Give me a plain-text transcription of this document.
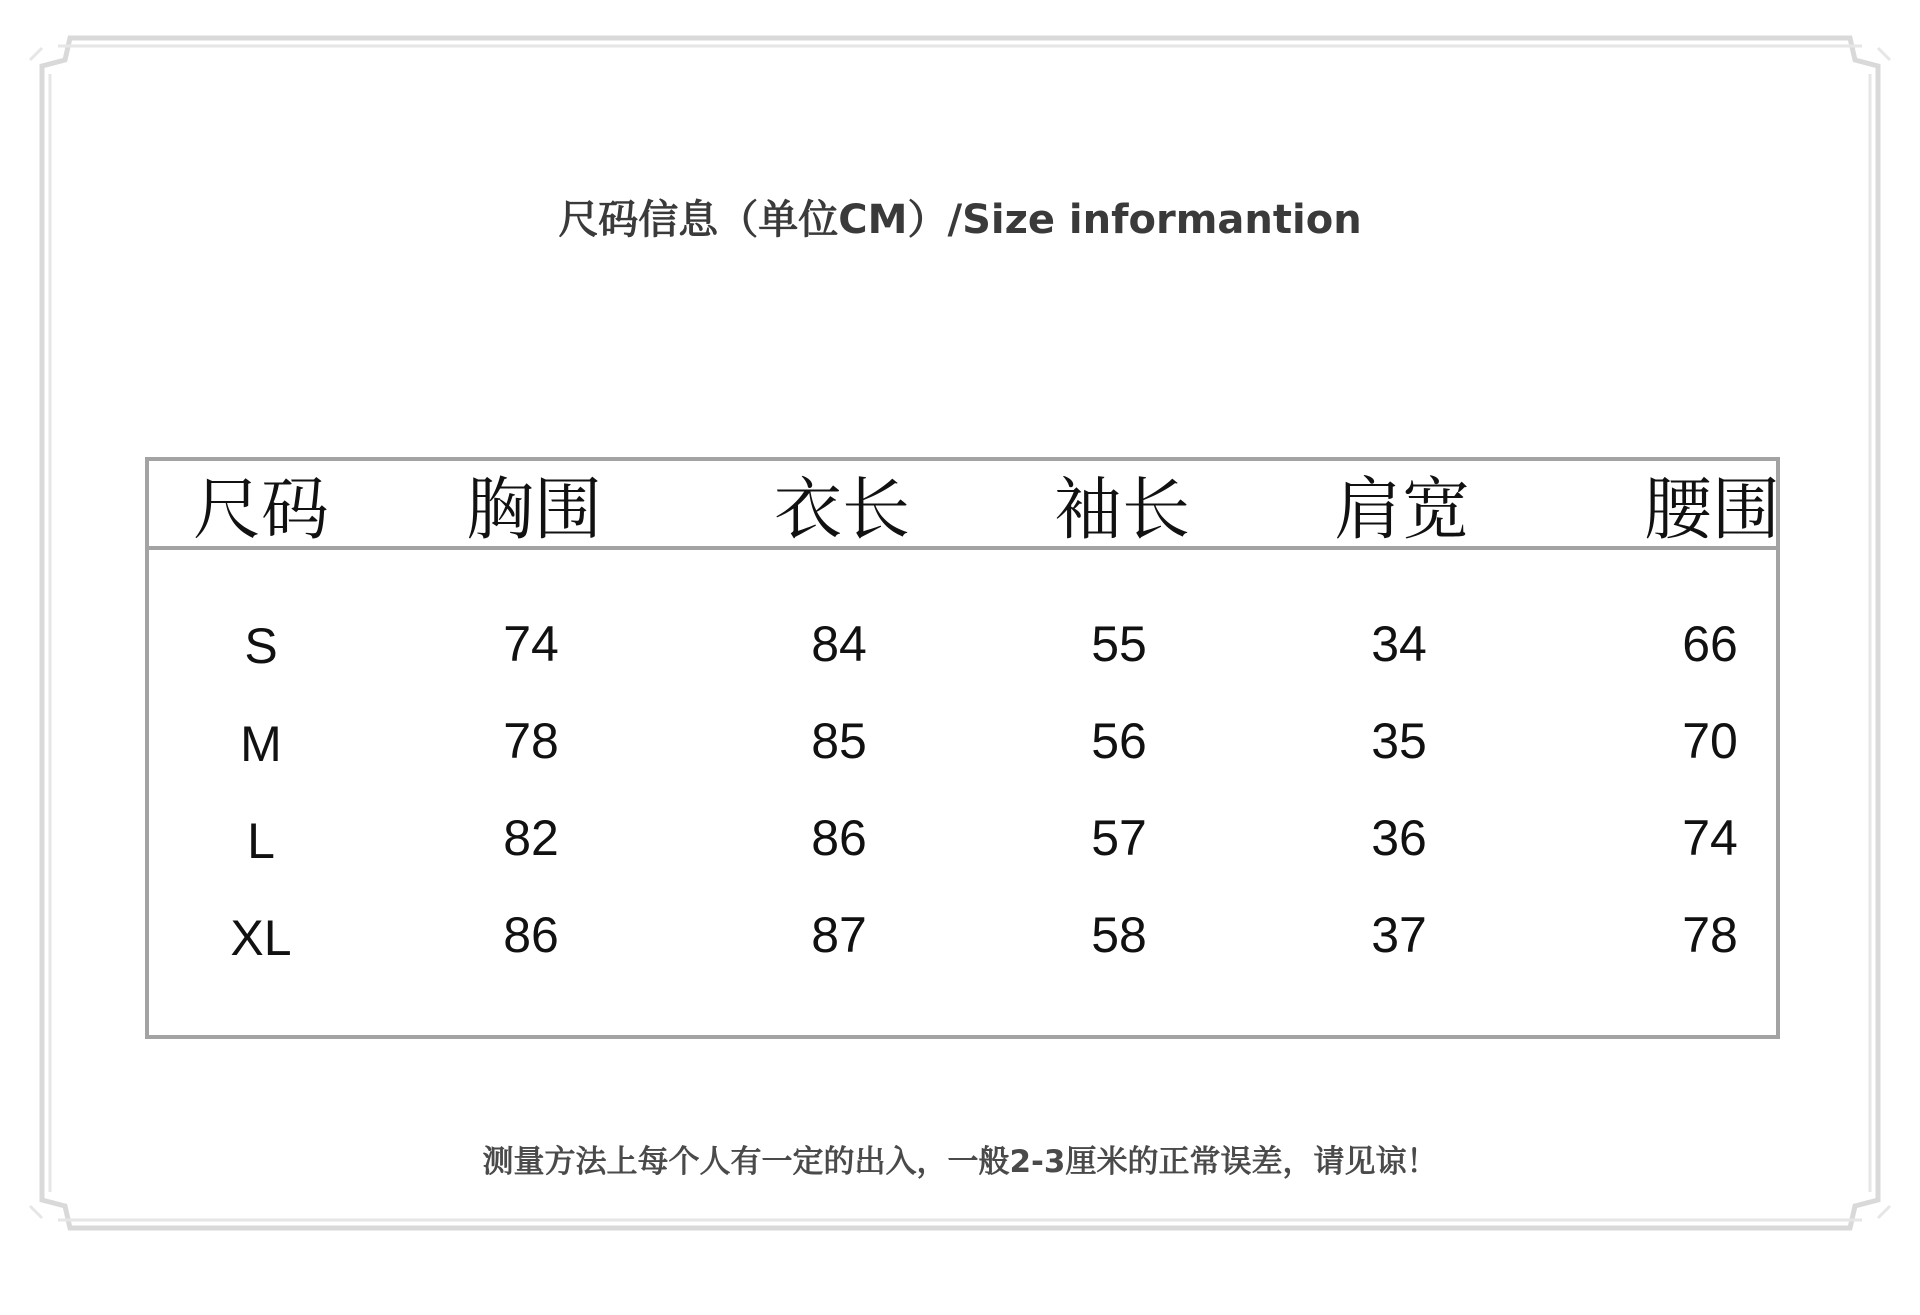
尺码信息（单位CM）/Size informantion
尺码 胸围	衣长 袖长 肩宽	腰围
S	74	84	55	34	66
M	78	85	56	35	70
L	82	86	57	36	74
XL	86	87	58	37	78
测量方法上每个人有一定的出入，一般2-3厘米的正常误差，请见谅！
